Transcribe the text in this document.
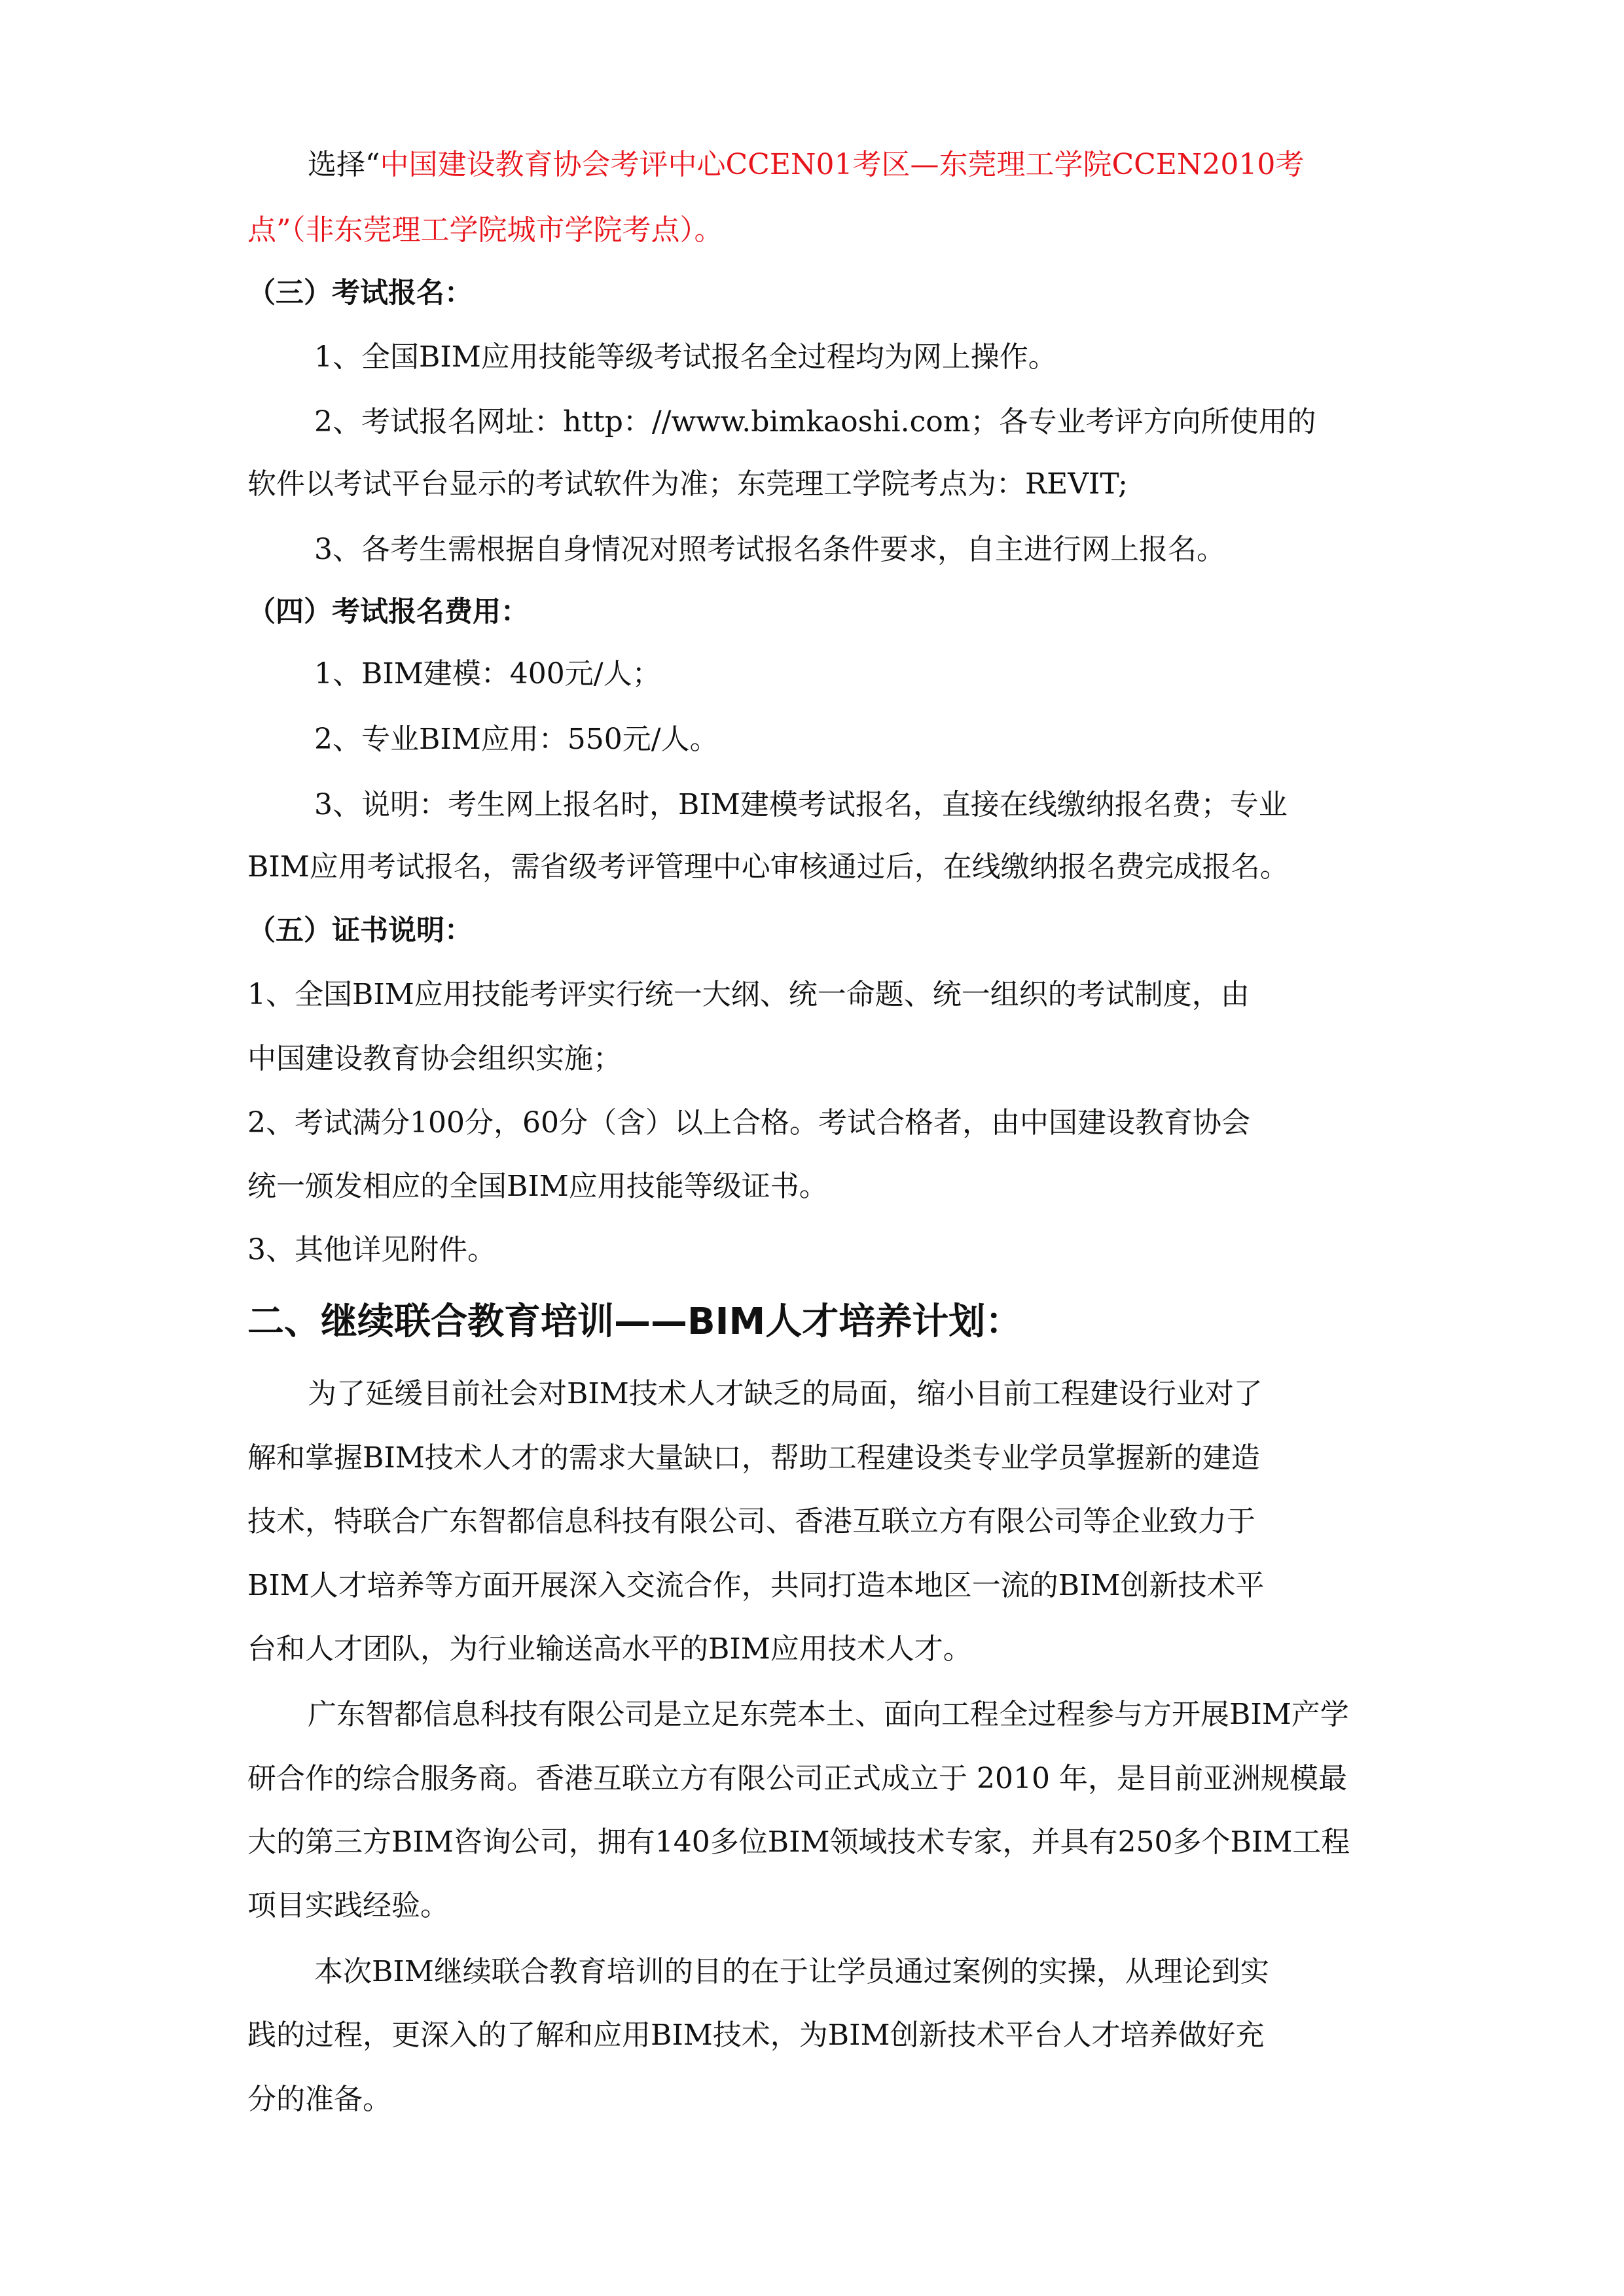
选择“中国建设教育协会考评中心CCEN01考区—东莞理工学院CCEN2010考
点”（非东莞理工学院城市学院考点）。
（三）考试报名：
1、全国BIM应用技能等级考试报名全过程均为网上操作。
2、考试报名网址：http：//www.bimkaoshi.com；各专业考评方向所使用的
软件以考试平台显示的考试软件为准；东莞理工学院考点为：REVIT;
3、各考生需根据自身情况对照考试报名条件要求，自主进行网上报名。
（四）考试报名费用：
1、BIM建模：400元/人；
2、专业BIM应用：550元/人。
3、说明：考生网上报名时，BIM建模考试报名，直接在线缴纳报名费；专业
BIM应用考试报名，需省级考评管理中心审核通过后，在线缴纳报名费完成报名。
（五）证书说明：
1、全国BIM应用技能考评实行统一大纲、统一命题、统一组织的考试制度，由
中国建设教育协会组织实施；
2、考试满分100分，60分（含）以上合格。考试合格者，由中国建设教育协会
统一颁发相应的全国BIM应用技能等级证书。
3、其他详见附件。
二、继续联合教育培训——BIM人才培养计划：
为了延缓目前社会对BIM技术人才缺乏的局面，缩小目前工程建设行业对了
解和掌握BIM技术人才的需求大量缺口，帮助工程建设类专业学员掌握新的建造
技术，特联合广东智都信息科技有限公司、香港互联立方有限公司等企业致力于
BIM人才培养等方面开展深入交流合作，共同打造本地区一流的BIM创新技术平
台和人才团队，为行业输送高水平的BIM应用技术人才。
广东智都信息科技有限公司是立足东莞本土、面向工程全过程参与方开展BIM产学
研合作的综合服务商。香港互联立方有限公司正式成立于 2010 年，是目前亚洲规模最
大的第三方BIM咨询公司，拥有140多位BIM领域技术专家，并具有250多个BIM工程
项目实践经验。
本次BIM继续联合教育培训的目的在于让学员通过案例的实操，从理论到实
践的过程，更深入的了解和应用BIM技术，为BIM创新技术平台人才培养做好充
分的准备。
